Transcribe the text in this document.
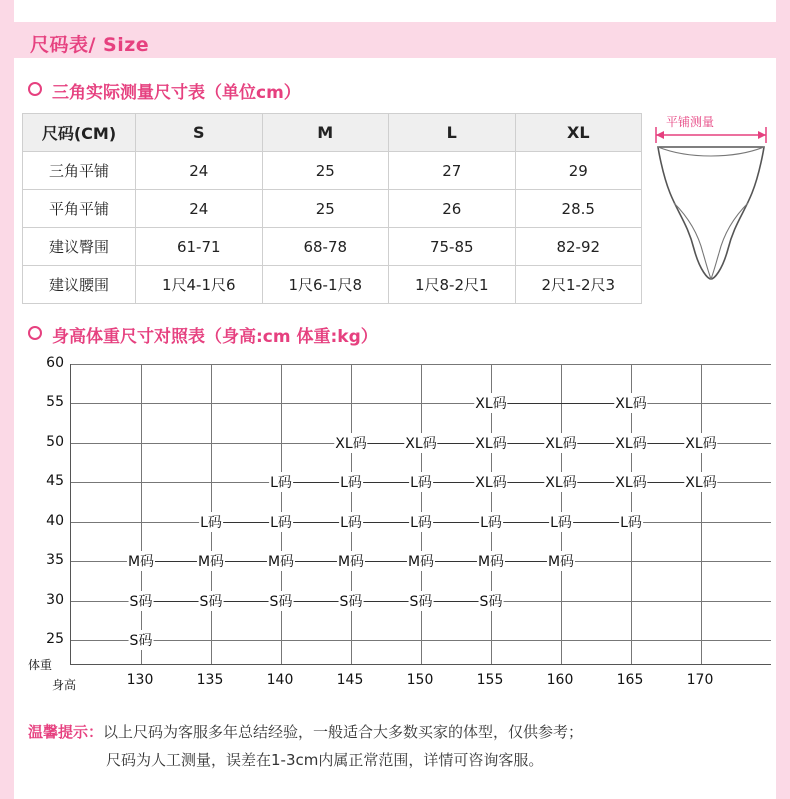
尺码表/ Size
三角实际测量尺寸表（单位cm）
尺码(CM)	S	M	L	XL
三角平铺	24	25	27	29
平角平铺	24	25	26	28.5
建议臀围	61-71	68-78	75-85	82-92
建议腰围	1尺4-1尺6	1尺6-1尺8	1尺8-2尺1	2尺1-2尺3
平铺测量
身高体重尺寸对照表（身高:cm 体重:kg）
S码
S码	S码	S码	S码	S码	S码
M码	M码	M码	M码	M码	M码	M码
L码	L码	L码	L码	L码	L码	L码
L码	L码	L码	XL码	XL码	XL码	XL码
XL码	XL码	XL码	XL码	XL码	XL码
XL码	XL码
体重
身高	130	135	140	145	150	155	160	165	170
25
30
35
40
45
50
55
60
温馨提示：以上尺码为客服多年总结经验，一般适合大多数买家的体型，仅供参考；
尺码为人工测量，误差在1-3cm内属正常范围，详情可咨询客服。
